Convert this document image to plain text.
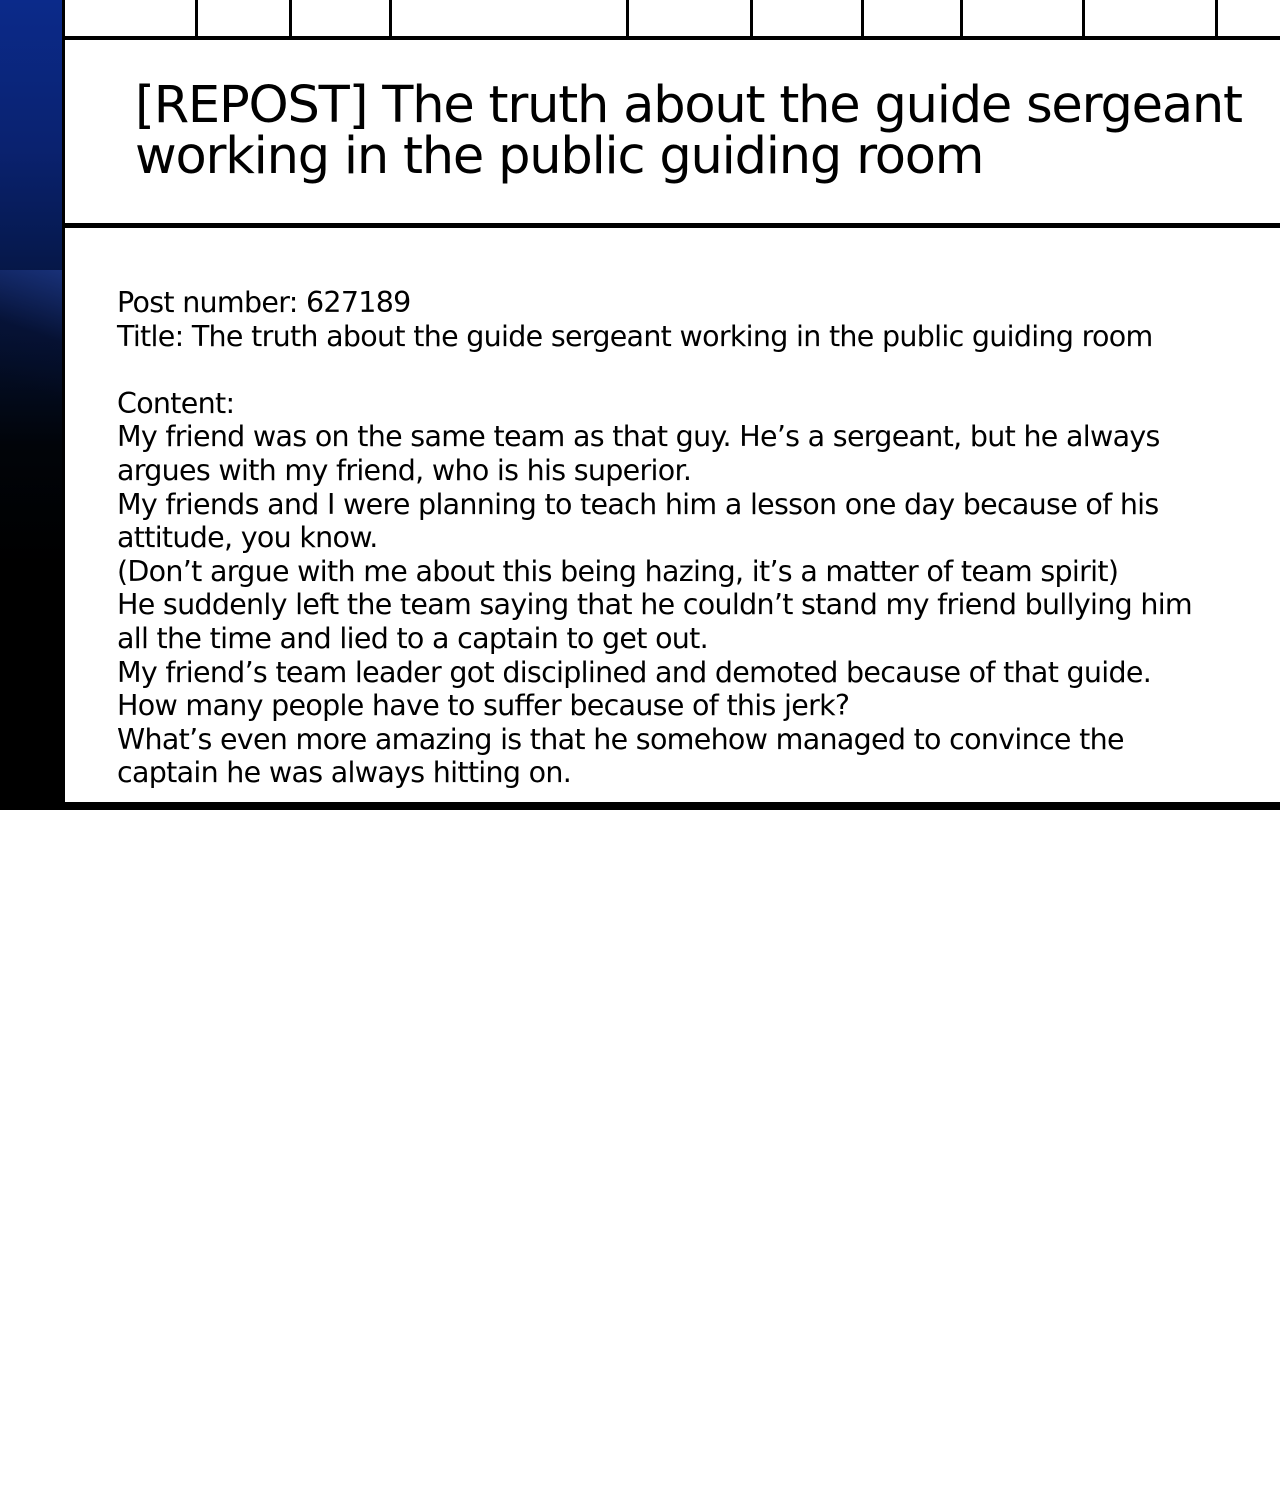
[REPOST] The truth about the guide sergeant
working in the public guiding room

Post number: 627189

Title: The truth about the guide sergeant working in the public guiding room

Content:

My friend was on the same team as that guy. He’s a sergeant, but he always

argues with my friend, who is his superior.

My friends and I were planning to teach him a lesson one day because of his

attitude, you know.

(Don’t argue with me about this being hazing, it’s a matter of team spirit)

He suddenly left the team saying that he couldn’t stand my friend bullying him

all the time and lied to a captain to get out.

My friend’s team leader got disciplined and demoted because of that guide.

How many people have to suffer because of this jerk?

What’s even more amazing is that he somehow managed to convince the

captain he was always hitting on.
